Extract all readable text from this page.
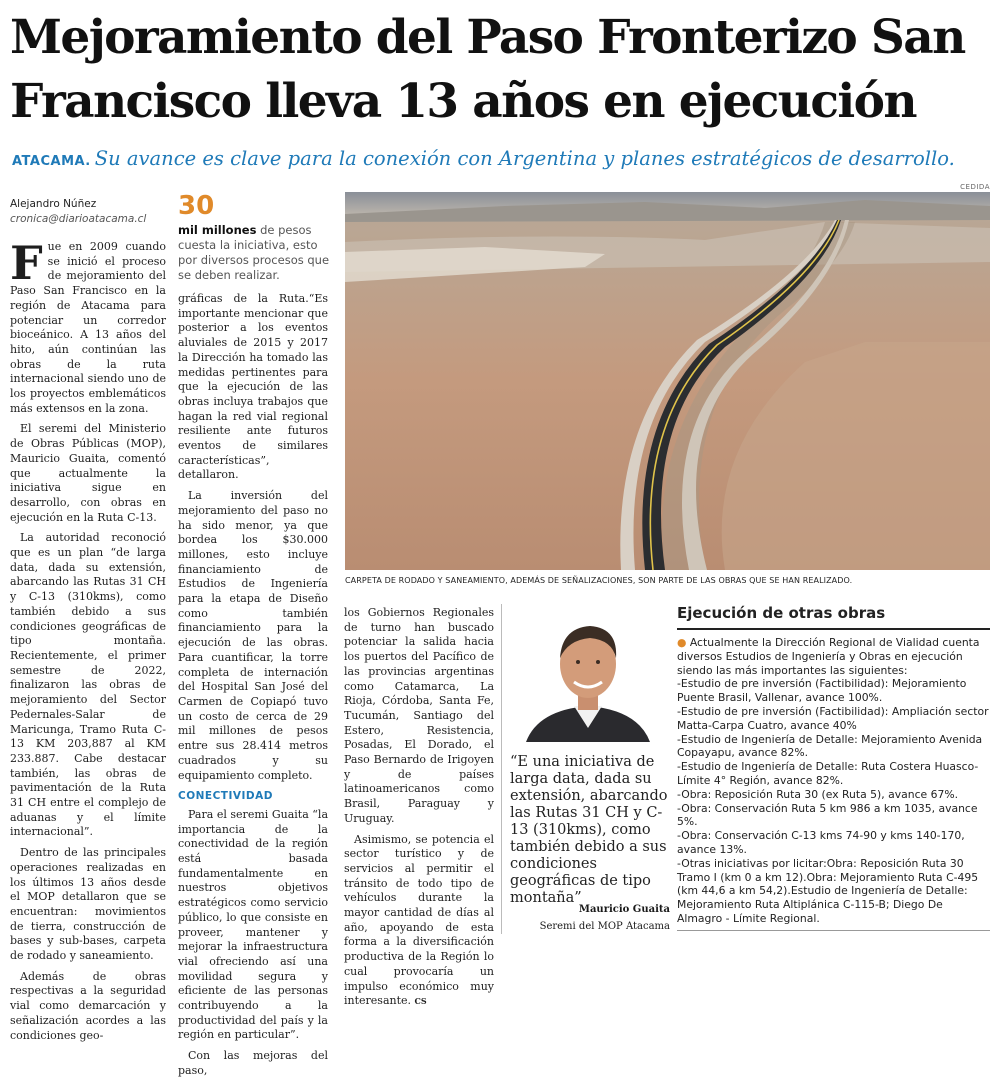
Mejoramiento del Paso Fronterizo San Francisco lleva 13 años en ejecución
ATACAMA. Su avance es clave para la conexión con Argentina y planes estratégicos de desarrollo.
Alejandro Núñez
cronica@diarioatacama.cl 30
mil millones de pesos cuesta la iniciativa, esto por diversos procesos que se deben realizar.
CEDIDA
CARPETA DE RODADO Y SANEAMIENTO, ADEMÁS DE SEÑALIZACIONES, SON PARTE DE LAS OBRAS QUE SE HAN REALIZADO.

Fue en 2009 cuando se inició el proceso de mejoramiento del Paso San Francisco en la región de Atacama para potenciar un corredor bioceánico. A 13 años del hito, aún continúan las obras de la ruta internacional siendo uno de los proyectos emblemáticos más extensos en la zona.

El seremi del Ministerio de Obras Públicas (MOP), Mauricio Guaita, comentó que actualmente la iniciativa sigue en desarrollo, con obras en ejecución en la Ruta C-13.

La autoridad reconoció que es un plan “de larga data, dada su extensión, abarcando las Rutas 31 CH y C-13 (310kms), como también debido a sus condiciones geográficas de tipo montaña. Recientemente, el primer semestre de 2022, finalizaron las obras de mejoramiento del Sector Pedernales-Salar de Maricunga, Tramo Ruta C-13 KM 203,887 al KM 233.887. Cabe destacar también, las obras de pavimentación de la Ruta 31 CH entre el complejo de aduanas y el límite internacional”.

Dentro de las principales operaciones realizadas en los últimos 13 años desde el MOP detallaron que se encuentran: movimientos de tierra, construcción de bases y sub-bases, carpeta de rodado y saneamiento.

Además de obras respectivas a la seguridad vial como demarcación y señalización acordes a las condiciones geo-

gráficas de la Ruta.“Es importante mencionar que posterior a los eventos aluviales de 2015 y 2017 la Dirección ha tomado las medidas pertinentes para que la ejecución de las obras incluya trabajos que hagan la red vial regional resiliente ante futuros eventos de similares características”, detallaron.

La inversión del mejoramiento del paso no ha sido menor, ya que bordea los $30.000 millones, esto incluye financiamiento de Estudios de Ingeniería para la etapa de Diseño como también financiamiento para la ejecución de las obras. Para cuantificar, la torre completa de internación del Hospital San José del Carmen de Copiapó tuvo un costo de cerca de 29 mil millones de pesos entre sus 28.414 metros cuadrados y su equipamiento completo.

CONECTIVIDAD

Para el seremi Guaita “la importancia de la conectividad de la región está basada fundamentalmente en nuestros objetivos estratégicos como servicio público, lo que consiste en proveer, mantener y mejorar la infraestructura vial ofreciendo así una movilidad segura y eficiente de las personas contribuyendo a la productividad del país y la región en particular”.

Con las mejoras del paso,

los Gobiernos Regionales de turno han buscado potenciar la salida hacia los puertos del Pacífico de las provincias argentinas como Catamarca, La Rioja, Córdoba, Santa Fe, Tucumán, Santiago del Estero, Resistencia, Posadas, El Dorado, el Paso Bernardo de Irigoyen y de países latinoamericanos como Brasil, Paraguay y Uruguay.

Asimismo, se potencia el sector turístico y de servicios al permitir el tránsito de todo tipo de vehículos durante la mayor cantidad de días al año, apoyando de esta forma a la diversificación productiva de la Región lo cual provocaría un impulso económico muy interesante. CS

“E una iniciativa de larga data, dada su extensión, abarcando las Rutas 31 CH y C-13 (310kms), como también debido a sus condiciones geográficas de tipo montaña”
Mauricio Guaita
Seremi del MOP Atacama
Ejecución de otras obras
● Actualmente la Dirección Regional de Vialidad cuenta diversos Estudios de Ingeniería y Obras en ejecución siendo las más importantes las siguientes:
-Estudio de pre inversión (Factibilidad): Mejoramiento Puente Brasil, Vallenar, avance 100%.
-Estudio de pre inversión (Factibilidad): Ampliación sector Matta-Carpa Cuatro, avance 40%
-Estudio de Ingeniería de Detalle: Mejoramiento Avenida Copayapu, avance 82%.
-Estudio de Ingeniería de Detalle: Ruta Costera Huasco-Límite 4° Región, avance 82%.
-Obra: Reposición Ruta 30 (ex Ruta 5), avance 67%.
-Obra: Conservación Ruta 5 km 986 a km 1035, avance 5%.
-Obra: Conservación C-13 kms 74-90 y kms 140-170, avance 13%.
-Otras iniciativas por licitar:Obra: Reposición Ruta 30 Tramo I (km 0 a km 12).Obra: Mejoramiento Ruta C-495 (km 44,6 a km 54,2).Estudio de Ingeniería de Detalle: Mejoramiento Ruta Altiplánica C-115-B; Diego De Almagro - Límite Regional.
